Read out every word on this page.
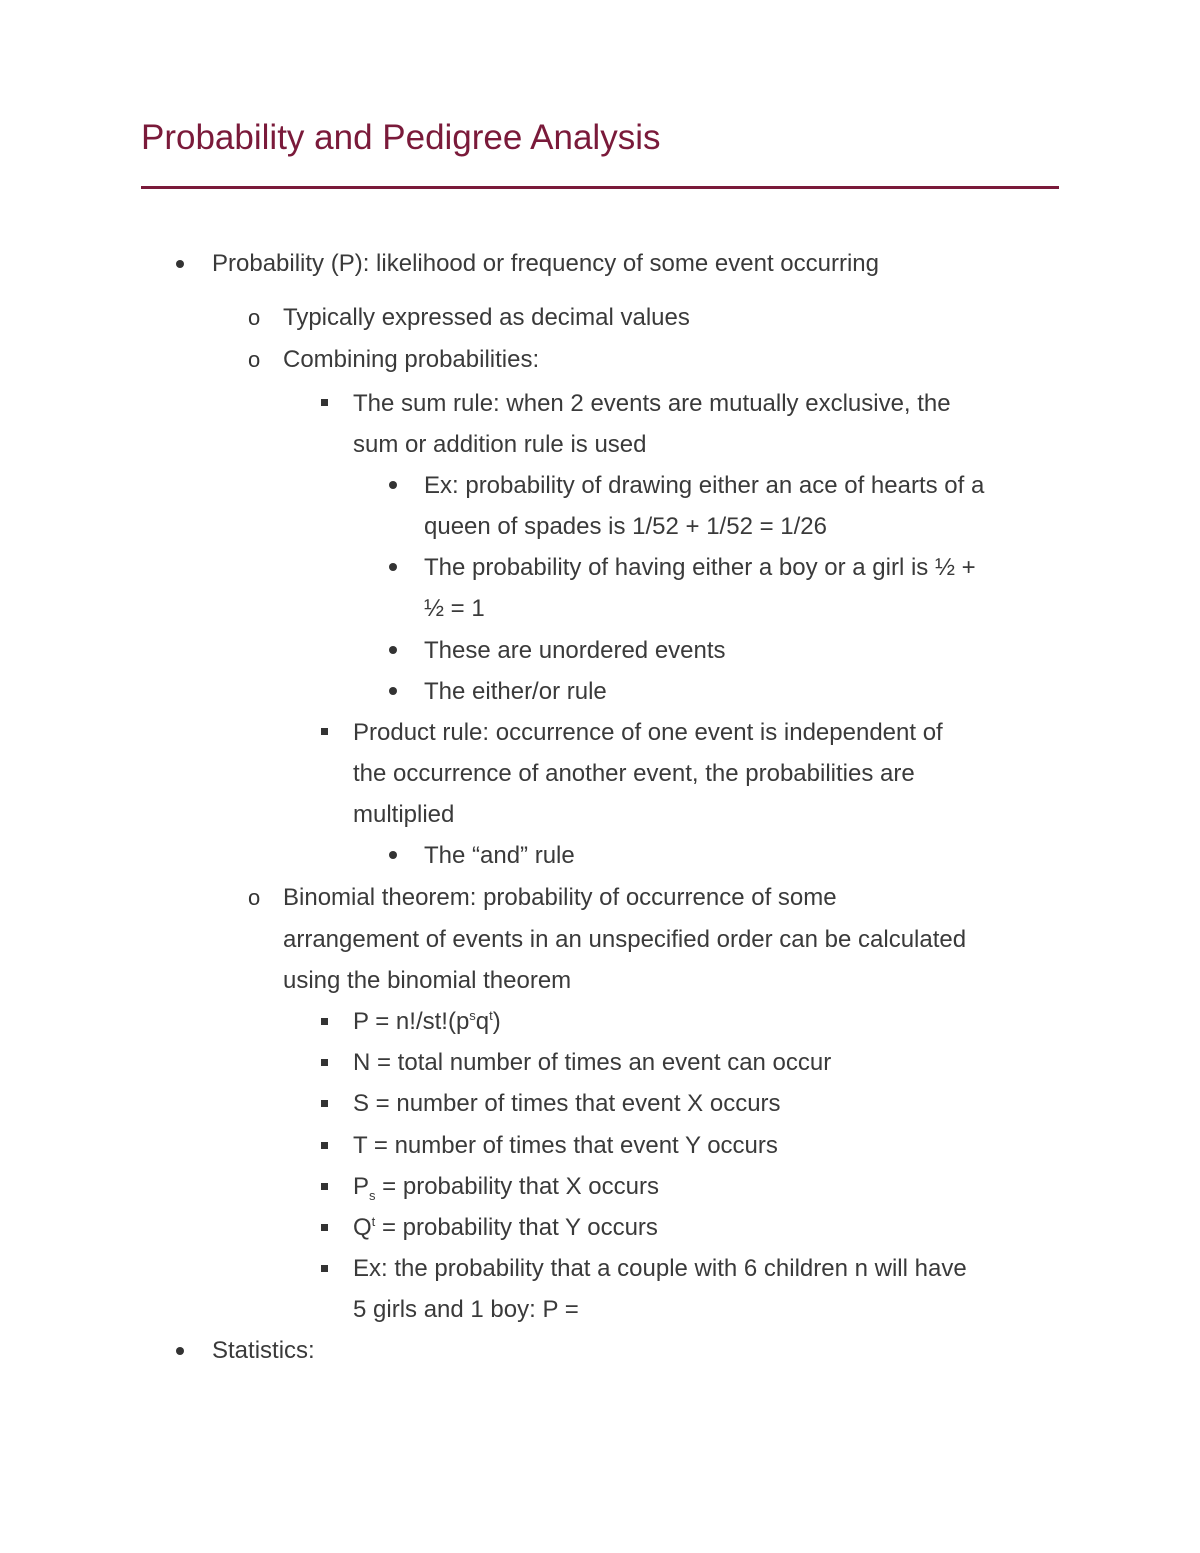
Probability and Pedigree Analysis
Probability (P): likelihood or frequency of some event occurring
o Typically expressed as decimal values
o Combining probabilities:
The sum rule: when 2 events are mutually exclusive, the
sum or addition rule is used
Ex: probability of drawing either an ace of hearts of a
queen of spades is 1/52 + 1/52 = 1/26
The probability of having either a boy or a girl is ½ +
½ = 1
These are unordered events
The either/or rule
Product rule: occurrence of one event is independent of
the occurrence of another event, the probabilities are
multiplied
The “and” rule
o Binomial theorem: probability of occurrence of some
arrangement of events in an unspecified order can be calculated
using the binomial theorem
$P = n!/st!(p^sq^t)$
N = total number of times an event can occur
S = number of times that event X occurs
T = number of times that event Y occurs
$P_s$ = probability that X occurs
$Q^t$ = probability that Y occurs
Ex: the probability that a couple with 6 children n will have
5 girls and 1 boy: P =
Statistics:
